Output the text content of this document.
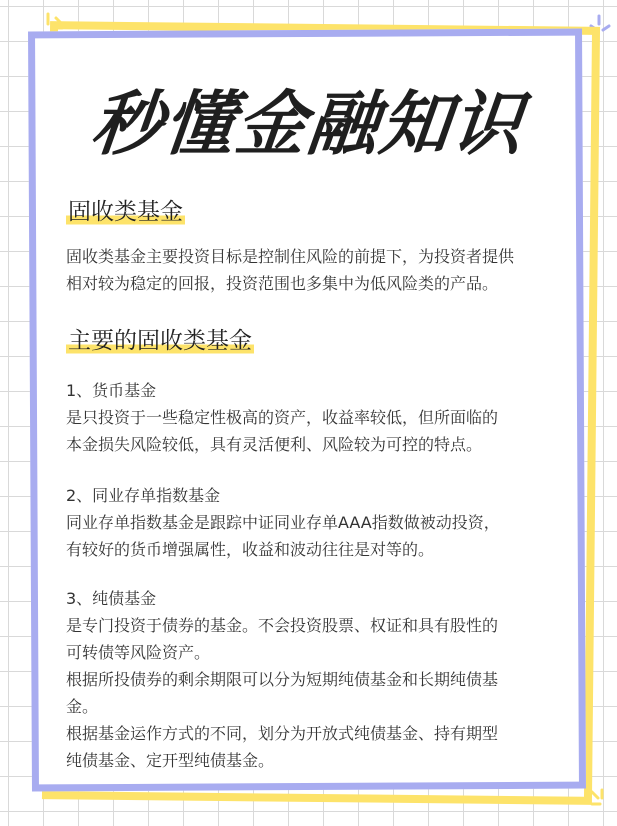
秒懂金融知识
固收类基金

固收类基金主要投资目标是控制住风险的前提下，为投资者提供
相对较为稳定的回报，投资范围也多集中为低风险类的产品。

主要的固收类基金

1、货币基金

是只投资于一些稳定性极高的资产，收益率较低，但所面临的
本金损失风险较低，具有灵活便利、风险较为可控的特点。

2、同业存单指数基金

同业存单指数基金是跟踪中证同业存单AAA指数做被动投资，
有较好的货币增强属性，收益和波动往往是对等的。

3、纯债基金

是专门投资于债券的基金。不会投资股票、权证和具有股性的
可转债等风险资产。
根据所投债券的剩余期限可以分为短期纯债基金和长期纯债基
金。
根据基金运作方式的不同，划分为开放式纯债基金、持有期型
纯债基金、定开型纯债基金。
